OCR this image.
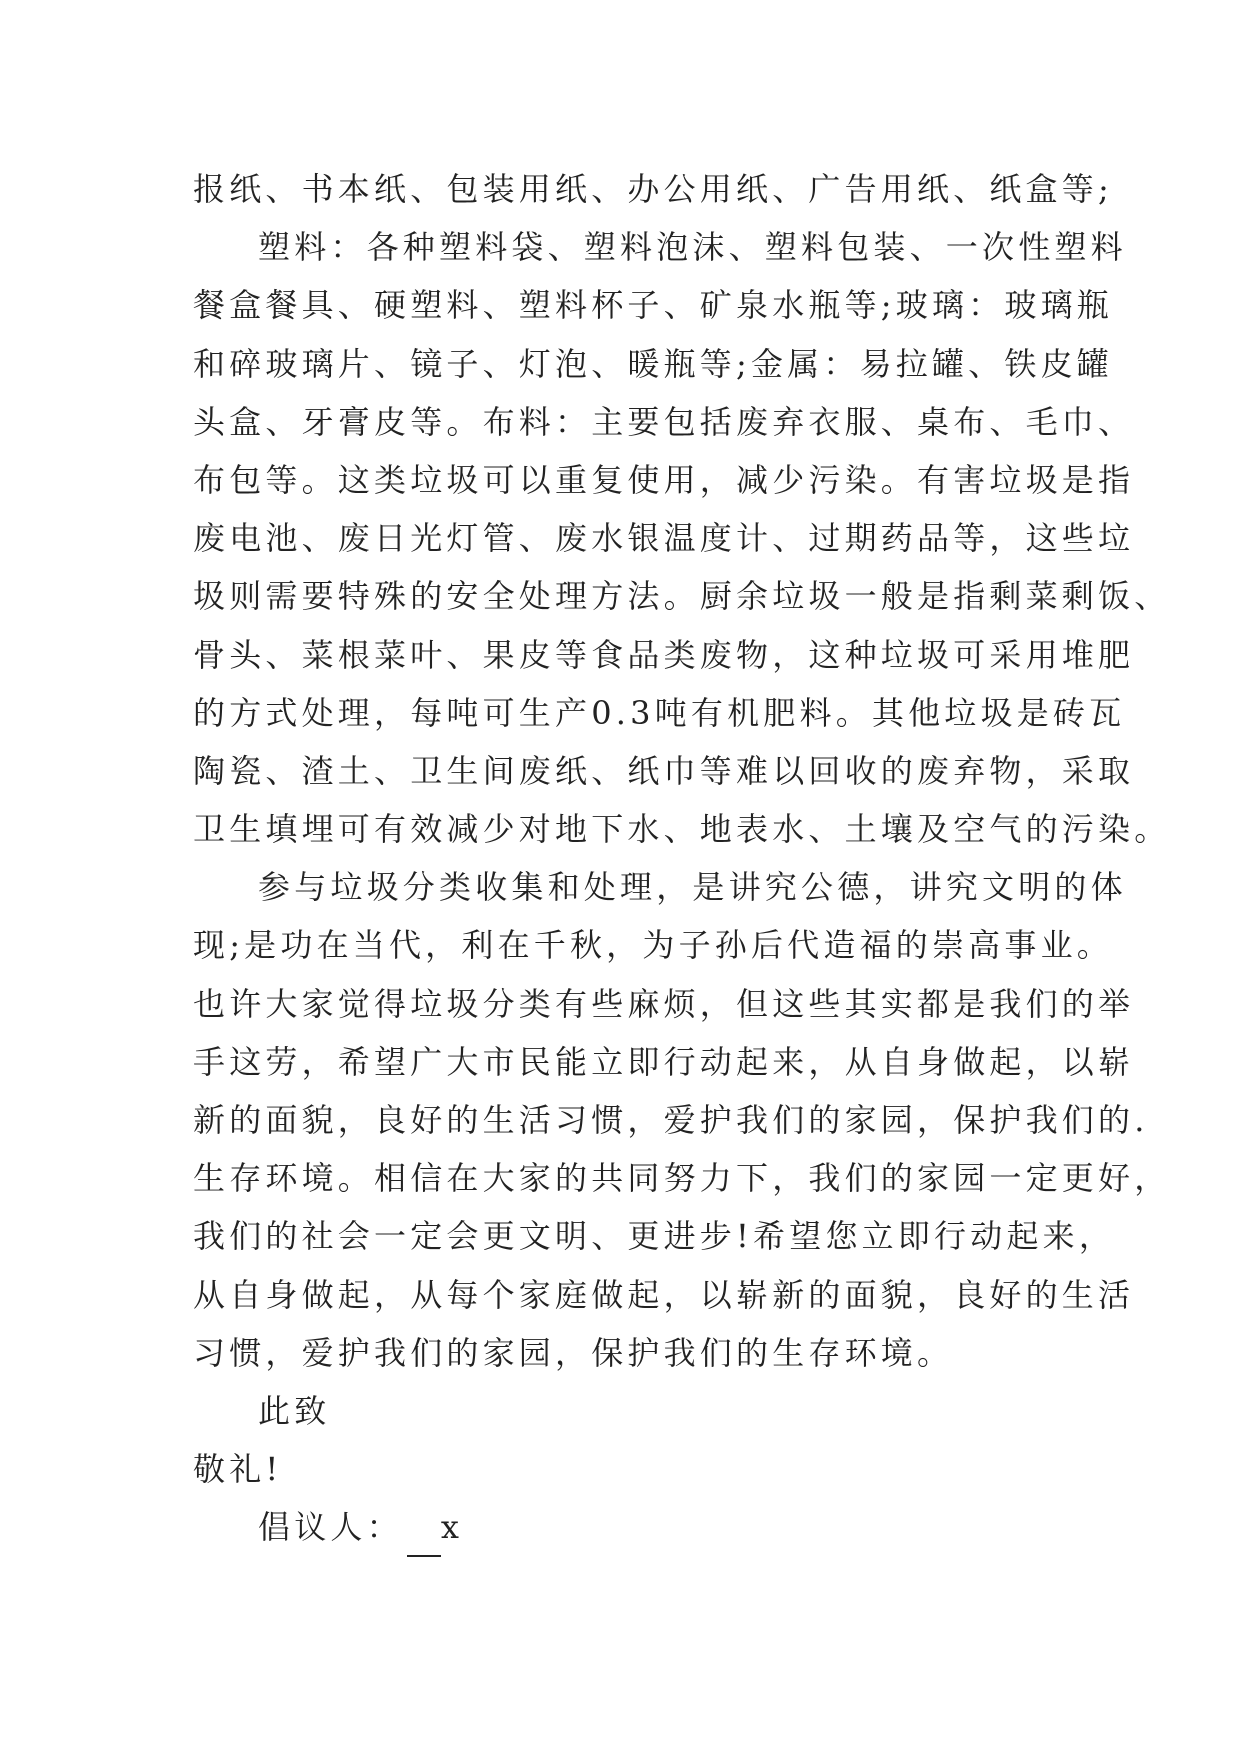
报纸、书本纸、包装用纸、办公用纸、广告用纸、纸盒等;
塑料：各种塑料袋、塑料泡沫、塑料包装、一次性塑料
餐盒餐具、硬塑料、塑料杯子、矿泉水瓶等;玻璃：玻璃瓶
和碎玻璃片、镜子、灯泡、暖瓶等;金属：易拉罐、铁皮罐
头盒、牙膏皮等。布料：主要包括废弃衣服、桌布、毛巾、
布包等。这类垃圾可以重复使用，减少污染。有害垃圾是指
废电池、废日光灯管、废水银温度计、过期药品等，这些垃
圾则需要特殊的安全处理方法。厨余垃圾一般是指剩菜剩饭、
骨头、菜根菜叶、果皮等食品类废物，这种垃圾可采用堆肥
的方式处理，每吨可生产0.3吨有机肥料。其他垃圾是砖瓦
陶瓷、渣土、卫生间废纸、纸巾等难以回收的废弃物，采取
卫生填埋可有效减少对地下水、地表水、土壤及空气的污染。
参与垃圾分类收集和处理，是讲究公德，讲究文明的体
现;是功在当代，利在千秋，为子孙后代造福的崇高事业。
也许大家觉得垃圾分类有些麻烦，但这些其实都是我们的举
手这劳，希望广大市民能立即行动起来，从自身做起，以崭
新的面貌，良好的生活习惯，爱护我们的家园，保护我们的.
生存环境。相信在大家的共同努力下，我们的家园一定更好，
我们的社会一定会更文明、更进步!希望您立即行动起来，
从自身做起，从每个家庭做起，以崭新的面貌，良好的生活
习惯，爱护我们的家园，保护我们的生存环境。
此致
敬礼!
倡议人： x
